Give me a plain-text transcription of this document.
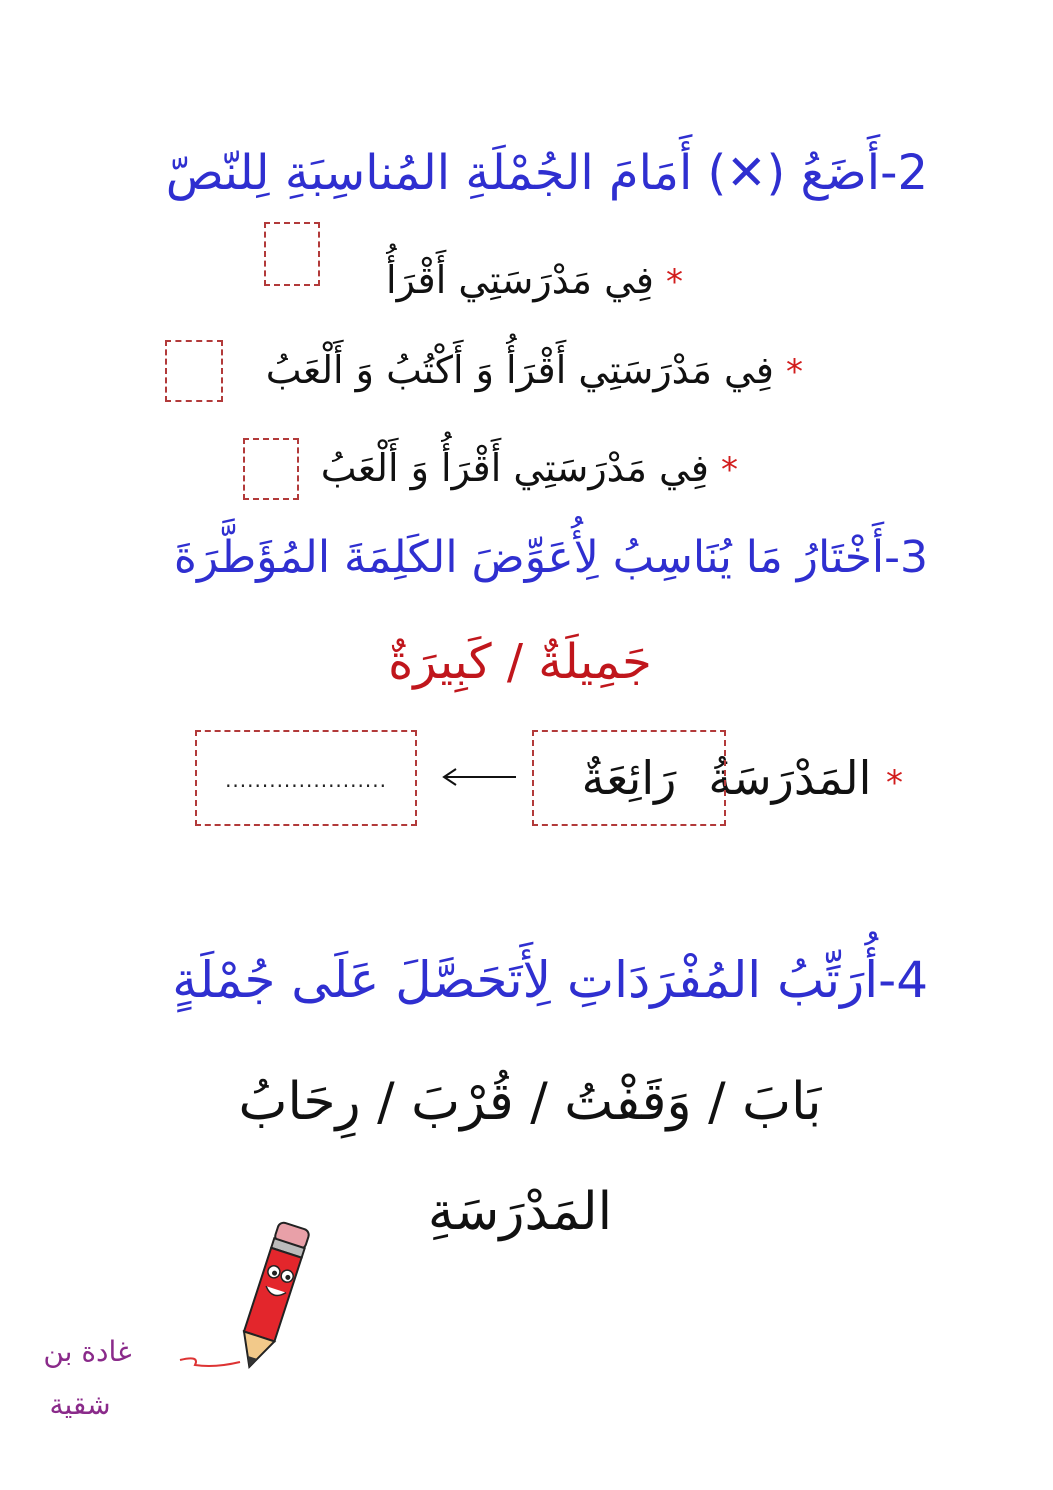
2-أَضَعُ (✕) أَمَامَ الجُمْلَةِ المُناسِبَةِ لِلنّصّ
* فِي مَدْرَسَتِي أَقْرَأُ
* فِي مَدْرَسَتِي أَقْرَأُ وَ أَكْتُبُ وَ أَلْعَبُ
* فِي مَدْرَسَتِي أَقْرَأُ وَ أَلْعَبُ
3-أَخْتَارُ مَا يُنَاسِبُ لِأُعَوِّضَ الكَلِمَةَ المُؤَطَّرَةَ
جَمِيلَةٌ / كَبِيرَةٌ
* المَدْرَسَةُ
رَائِعَةٌ
......................
4-أُرَتِّبُ المُفْرَدَاتِ لِأَتَحَصَّلَ عَلَى جُمْلَةٍ
بَابَ / وَقَفْتُ / قُرْبَ / رِحَابُ
المَدْرَسَةِ
غادة بن
شقية
